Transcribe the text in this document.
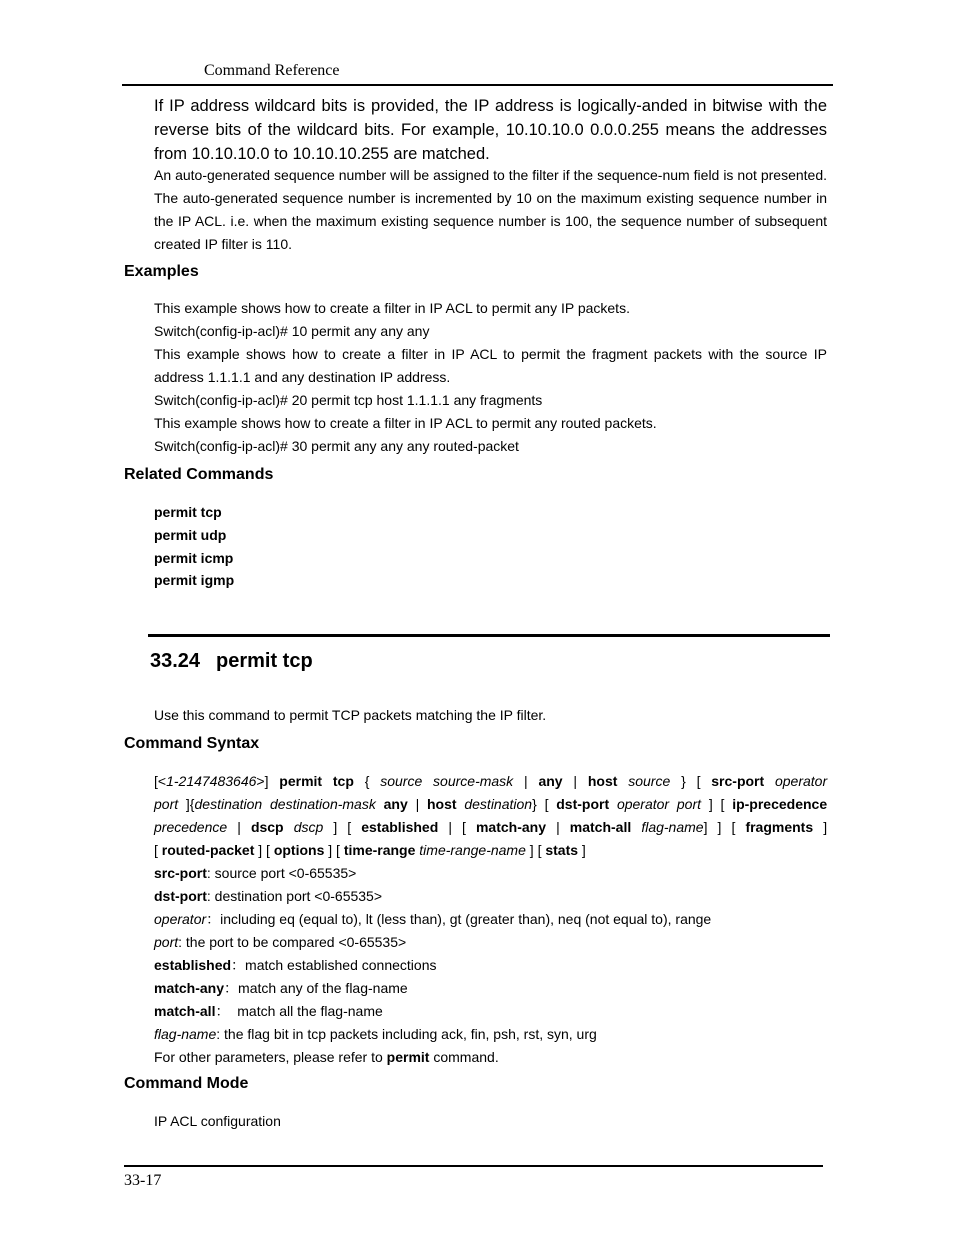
Command Reference
If IP address wildcard bits is provided, the IP address is logically-anded in bitwise with the reverse bits of the wildcard bits. For example, 10.10.10.0 0.0.0.255 means the addresses from 10.10.10.0 to 10.10.10.255 are matched.
An auto-generated sequence number will be assigned to the filter if the sequence-num field is not presented. The auto-generated sequence number is incremented by 10 on the maximum existing sequence number in the IP ACL. i.e. when the maximum existing sequence number is 100, the sequence number of subsequent created IP filter is 110.
Examples
This example shows how to create a filter in IP ACL to permit any IP packets.
Switch(config-ip-acl)# 10 permit any any any
This example shows how to create a filter in IP ACL to permit the fragment packets with the source IP address 1.1.1.1 and any destination IP address.
Switch(config-ip-acl)# 20 permit tcp host 1.1.1.1 any fragments
This example shows how to create a filter in IP ACL to permit any routed packets.
Switch(config-ip-acl)# 30 permit any any any routed-packet
Related Commands
permit tcp
permit udp
permit icmp
permit igmp
33.24 permit tcp
Use this command to permit TCP packets matching the IP filter.
Command Syntax
[<1-2147483646>] permit tcp { source source-mask | any | host source } [ src-port operator
port ]{destination destination-mask any | host destination} [ dst-port operator port ] [ ip-precedence
precedence | dscp dscp ] [ established | [ match-any | match-all flag-name] ] [ fragments ]
[ routed-packet ] [ options ] [ time-range time-range-name ] [ stats ]
src-port: source port <0-65535>
dst-port: destination port <0-65535>
operator：including eq (equal to), lt (less than), gt (greater than), neq (not equal to), range
port: the port to be compared <0-65535>
established：match established connections
match-any：match any of the flag-name
match-all：  match all the flag-name
flag-name: the flag bit in tcp packets including ack, fin, psh, rst, syn, urg
For other parameters, please refer to permit command.
Command Mode
IP ACL configuration
33-17
